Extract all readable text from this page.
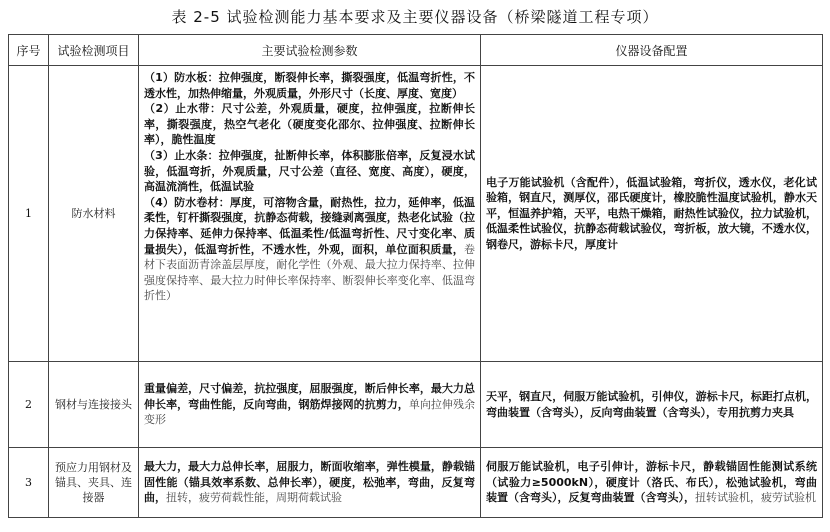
表 2-5 试验检测能力基本要求及主要仪器设备（桥梁隧道工程专项）
序号	试验检测项目	主要试验检测参数	仪器设备配置
1	防水材料	（1）防水板：拉伸强度，断裂伸长率，撕裂强度，低温弯折性，不透水性，加热伸缩量，外观质量，外形尺寸（长度、厚度、宽度）
（2）止水带：尺寸公差，外观质量，硬度，拉伸强度，拉断伸长率，撕裂强度，热空气老化（硬度变化邵尔、拉伸强度、拉断伸长率），脆性温度
（3）止水条：拉伸强度，扯断伸长率，体积膨胀倍率，反复浸水试验，低温弯折，外观质量，尺寸公差（直径、宽度、高度），硬度，高温流淌性，低温试验
（4）防水卷材：厚度，可溶物含量，耐热性，拉力，延伸率，低温柔性，钉杆撕裂强度，抗静态荷载，接缝剥离强度，热老化试验（拉力保持率、延伸力保持率、低温柔性/低温弯折性、尺寸变化率、质量损失），低温弯折性，不透水性，外观，面积，单位面积质量，卷材下表面沥青涂盖层厚度，耐化学性（外观、最大拉力保持率、拉伸强度保持率、最大拉力时伸长率保持率、断裂伸长率变化率、低温弯折性）	电子万能试验机（含配件），低温试验箱，弯折仪，透水仪，老化试验箱，钢直尺，测厚仪，邵氏硬度计，橡胶脆性温度试验机，静水天平，恒温养护箱，天平，电热干燥箱，耐热性试验仪，拉力试验机，低温柔性试验仪，抗静态荷载试验仪，弯折板，放大镜，不透水仪，钢卷尺，游标卡尺，厚度计
2	钢材与连接接头	重量偏差，尺寸偏差，抗拉强度，屈服强度，断后伸长率，最大力总伸长率，弯曲性能，反向弯曲，钢筋焊接网的抗剪力，单向拉伸残余变形	天平，钢直尺，伺服万能试验机，引伸仪，游标卡尺，标距打点机，弯曲装置（含弯头），反向弯曲装置（含弯头），专用抗剪力夹具
3	预应力用钢材及锚具、夹具、连接器	最大力，最大力总伸长率，屈服力，断面收缩率，弹性模量，静载锚固性能（锚具效率系数、总伸长率），硬度，松弛率，弯曲，反复弯曲，扭转，疲劳荷载性能，周期荷载试验	伺服万能试验机，电子引伸计，游标卡尺，静载锚固性能测试系统（试验力≥5000kN），硬度计（洛氏、布氏），松弛试验机，弯曲装置（含弯头），反复弯曲装置（含弯头），扭转试验机，疲劳试验机
